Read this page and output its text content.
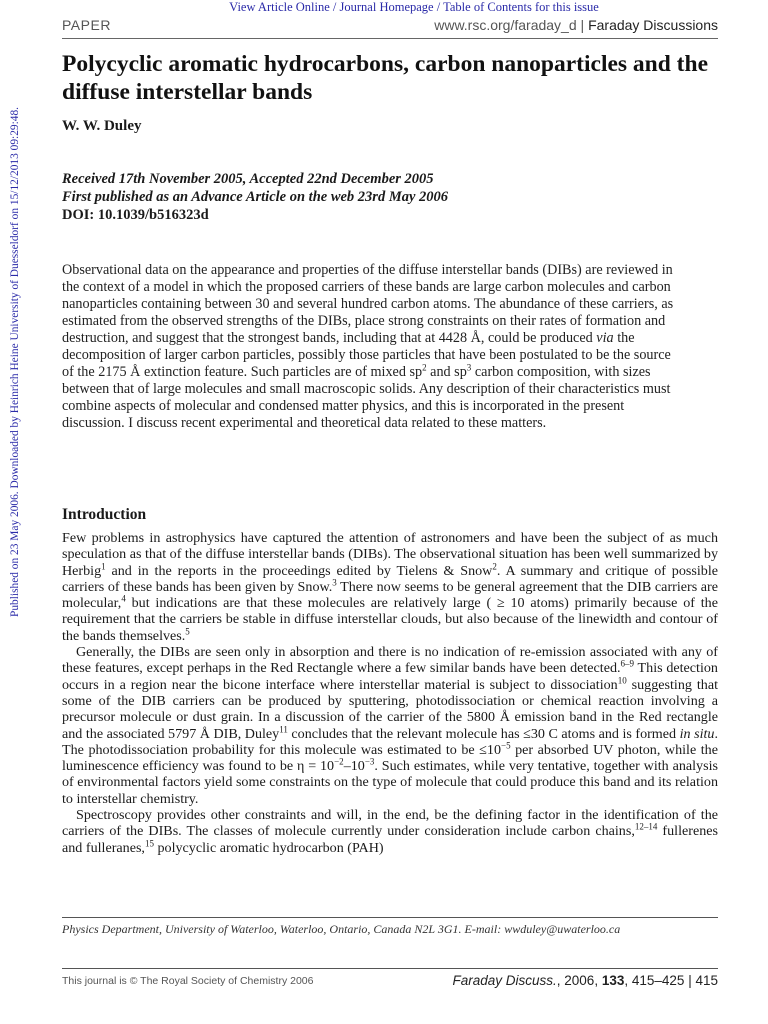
View Article Online / Journal Homepage / Table of Contents for this issue
PAPER	www.rsc.org/faraday_d | Faraday Discussions
Published on 23 May 2006. Downloaded by Heinrich Heine University of Duesseldorf on 15/12/2013 09:29:48.
Polycyclic aromatic hydrocarbons, carbon nanoparticles and the diffuse interstellar bands
W. W. Duley
Received 17th November 2005, Accepted 22nd December 2005
First published as an Advance Article on the web 23rd May 2006
DOI: 10.1039/b516323d

Observational data on the appearance and properties of the diffuse interstellar bands (DIBs) are reviewed in the context of a model in which the proposed carriers of these bands are large carbon molecules and carbon nanoparticles containing between 30 and several hundred carbon atoms. The abundance of these carriers, as estimated from the observed strengths of the DIBs, place strong constraints on their rates of formation and destruction, and suggest that the strongest bands, including that at 4428 Å, could be produced via the decomposition of larger carbon particles, possibly those particles that have been postulated to be the source of the 2175 Å extinction feature. Such particles are of mixed $sp^2$ and $sp^3$ carbon composition, with sizes between that of large molecules and small macroscopic solids. Any description of their characteristics must combine aspects of molecular and condensed matter physics, and this is incorporated in the present discussion. I discuss recent experimental and theoretical data related to these matters.

Introduction

Few problems in astrophysics have captured the attention of astronomers and have been the subject of as much speculation as that of the diffuse interstellar bands (DIBs). The observational situation has been well summarized by Herbig$^1$ and in the reports in the proceedings edited by Tielens & Snow$^2$. A summary and critique of possible carriers of these bands has been given by Snow.$^3$ There now seems to be general agreement that the DIB carriers are molecular,$^4$ but indications are that these molecules are relatively large ( ≥ 10 atoms) primarily because of the requirement that the carriers be stable in diffuse interstellar clouds, but also because of the linewidth and contour of the bands themselves.$^5$

Generally, the DIBs are seen only in absorption and there is no indication of re-emission associated with any of these features, except perhaps in the Red Rectangle where a few similar bands have been detected.$^{6-9}$ This detection occurs in a region near the bicone interface where interstellar material is subject to dissociation$^{10}$ suggesting that some of the DIB carriers can be produced by sputtering, photodissociation or chemical reaction involving a precursor molecule or dust grain. In a discussion of the carrier of the 5800 Å emission band in the Red rectangle and the associated 5797 Å DIB, Duley$^{11}$ concludes that the relevant molecule has ≤30 C atoms and is formed in situ. The photodissociation probability for this molecule was estimated to be $\le 10^{-5}$ per absorbed UV photon, while the luminescence efficiency was found to be $\eta = 10^{-2}-10^{-3}$. Such estimates, while very tentative, together with analysis of environmental factors yield some constraints on the type of molecule that could produce this band and its relation to interstellar chemistry.

Spectroscopy provides other constraints and will, in the end, be the defining factor in the identification of the carriers of the DIBs. The classes of molecule currently under consideration include carbon chains,$^{12-14}$ fullerenes and fulleranes,$^{15}$ polycyclic aromatic hydrocarbon (PAH)

Physics Department, University of Waterloo, Waterloo, Ontario, Canada N2L 3G1. E-mail: wwduley@uwaterloo.ca
This journal is © The Royal Society of Chemistry 2006	Faraday Discuss., 2006, 133, 415–425 | 415
